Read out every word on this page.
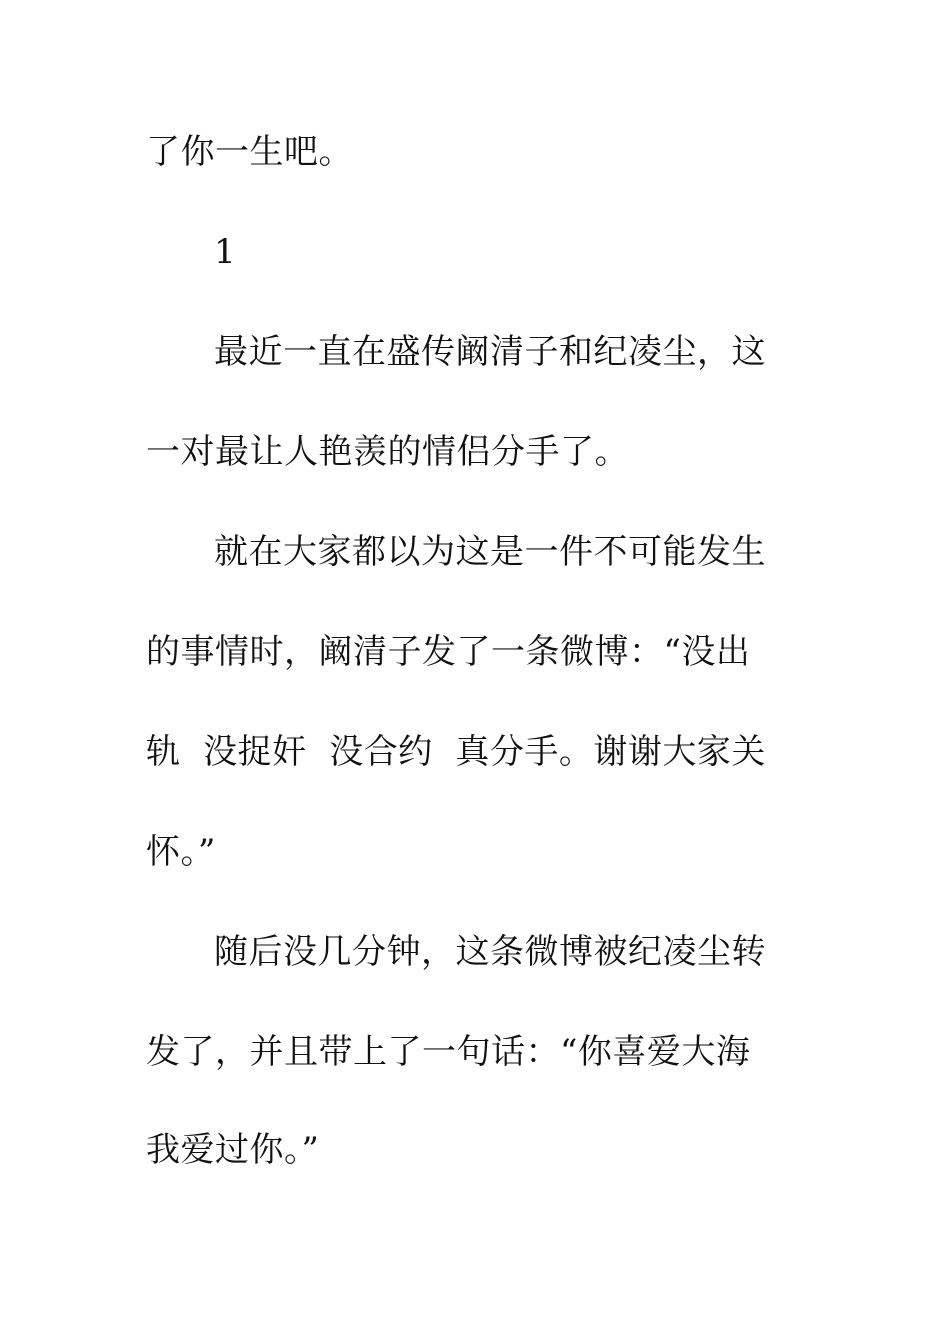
了你一生吧。
1
最近一直在盛传阚清子和纪凌尘，这
一对最让人艳羡的情侣分手了。
就在大家都以为这是一件不可能发生
的事情时，阚清子发了一条微博：“没出
轨  没捉奸  没合约  真分手。谢谢大家关
怀。”
随后没几分钟，这条微博被纪凌尘转
发了，并且带上了一句话：“你喜爱大海
我爱过你。”
